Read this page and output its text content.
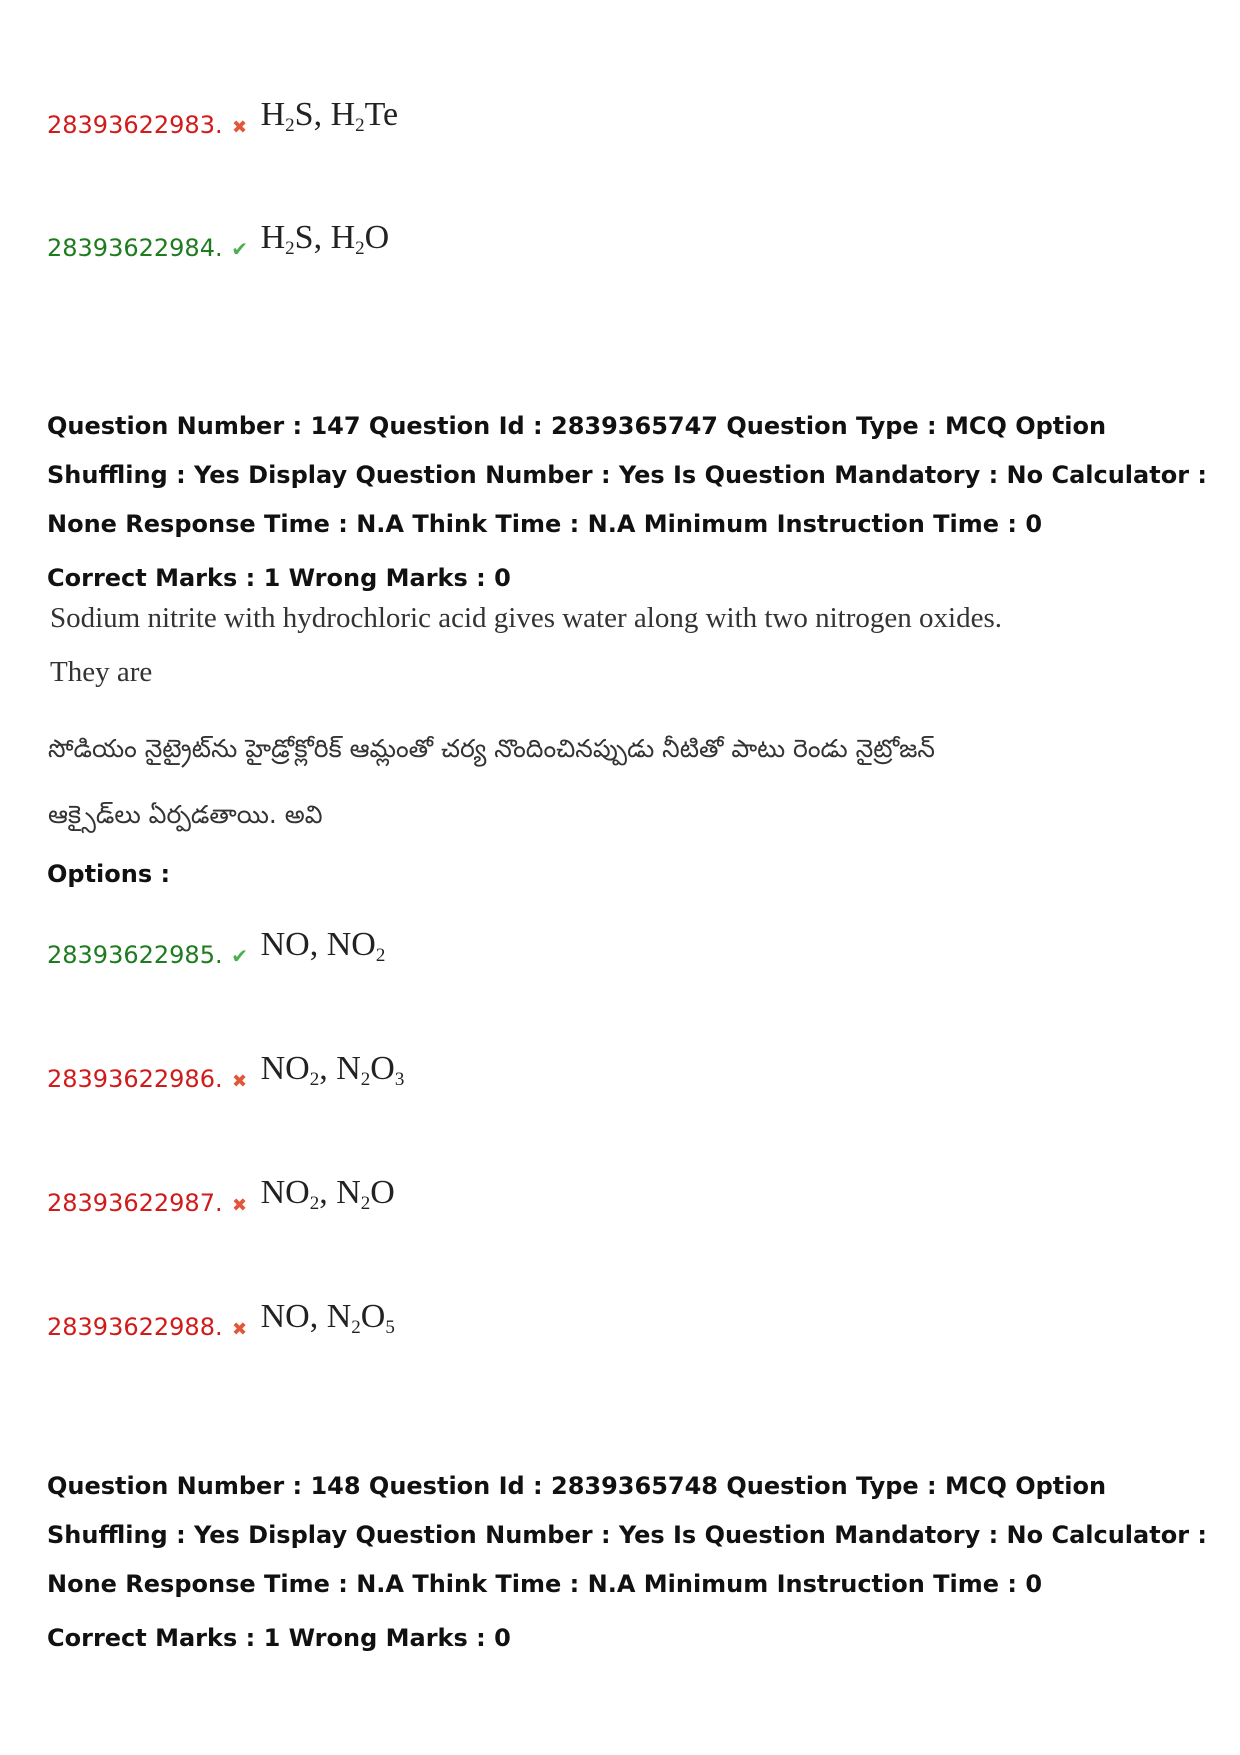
28393622983. ✖ $H_2S$, $H_2Te$
28393622984. ✔ $H_2S$, $H_2O$
Question Number : 147 Question Id : 2839365747 Question Type : MCQ Option Shuffling : Yes Display Question Number : Yes Is Question Mandatory : No Calculator : None Response Time : N.A Think Time : N.A Minimum Instruction Time : 0
Correct Marks : 1 Wrong Marks : 0
Sodium nitrite with hydrochloric acid gives water along with two nitrogen oxides.
They are
సోడియం నైట్రైట్‌ను హైడ్రోక్లోరిక్ ఆమ్లంతో చర్య నొందించినప్పుడు నీటితో పాటు రెండు నైట్రోజన్
ఆక్సైడ్‌లు ఏర్పడతాయి. అవి
Options :
28393622985. ✔ NO, $NO_2$
28393622986. ✖ $NO_2$, $N_2O_3$
28393622987. ✖ $NO_2$, $N_2O$
28393622988. ✖ NO, $N_2O_5$
Question Number : 148 Question Id : 2839365748 Question Type : MCQ Option Shuffling : Yes Display Question Number : Yes Is Question Mandatory : No Calculator : None Response Time : N.A Think Time : N.A Minimum Instruction Time : 0
Correct Marks : 1 Wrong Marks : 0
